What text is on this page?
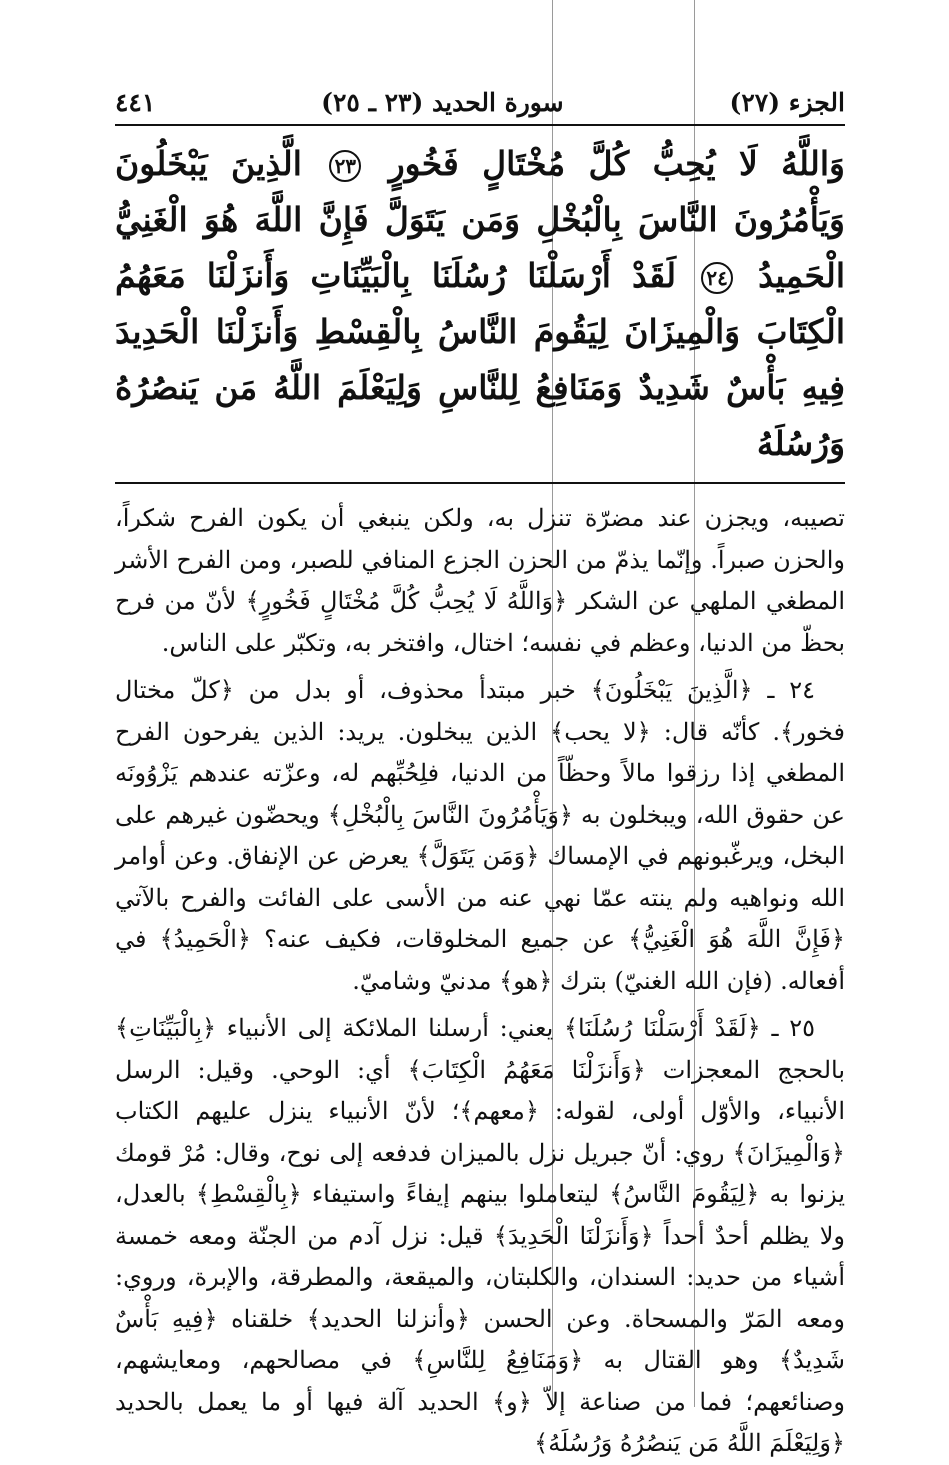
الجزء (٢٧)
سورة الحديد (٢٣ ـ ٢٥)
٤٤١
وَاللَّهُ لَا يُحِبُّ كُلَّ مُخْتَالٍ فَخُورٍ ٢٣ الَّذِينَ يَبْخَلُونَ وَيَأْمُرُونَ النَّاسَ بِالْبُخْلِ وَمَن يَتَوَلَّ فَإِنَّ اللَّهَ هُوَ الْغَنِيُّ الْحَمِيدُ ٢٤ لَقَدْ أَرْسَلْنَا رُسُلَنَا بِالْبَيِّنَاتِ وَأَنزَلْنَا مَعَهُمُ الْكِتَابَ وَالْمِيزَانَ لِيَقُومَ النَّاسُ بِالْقِسْطِ وَأَنزَلْنَا الْحَدِيدَ فِيهِ بَأْسٌ شَدِيدٌ وَمَنَافِعُ لِلنَّاسِ وَلِيَعْلَمَ اللَّهُ مَن يَنصُرُهُ وَرُسُلَهُ

تصيبه، ويجزن عند مضرّة تنزل به، ولكن ينبغي أن يكون الفرح شكراً، والحزن صبراً. وإنّما يذمّ من الحزن الجزع المنافي للصبر، ومن الفرح الأشر المطغي الملهي عن الشكر ﴿وَاللَّهُ لَا يُحِبُّ كُلَّ مُخْتَالٍ فَخُورٍ﴾ لأنّ من فرح بحظّ من الدنيا، وعظم في نفسه؛ اختال، وافتخر به، وتكبّر على الناس.

٢٤ ـ ﴿الَّذِينَ يَبْخَلُونَ﴾ خبر مبتدأ محذوف، أو بدل من ﴿كلّ مختال فخور﴾. كأنّه قال: ﴿لا يحب﴾ الذين يبخلون. يريد: الذين يفرحون الفرح المطغي إذا رزقوا مالاً وحظّاً من الدنيا، فلِحُبِّهم له، وعزّته عندهم يَزْوُونَه عن حقوق الله، ويبخلون به ﴿وَيَأْمُرُونَ النَّاسَ بِالْبُخْلِ﴾ ويحضّون غيرهم على البخل، ويرغّبونهم في الإمساك ﴿وَمَن يَتَوَلَّ﴾ يعرض عن الإنفاق. وعن أوامر الله ونواهيه ولم ينته عمّا نهي عنه من الأسى على الفائت والفرح بالآتي ﴿فَإِنَّ اللَّهَ هُوَ الْغَنِيُّ﴾ عن جميع المخلوقات، فكيف عنه؟ ﴿الْحَمِيدُ﴾ في أفعاله. (فإن الله الغنيّ) بترك ﴿هو﴾ مدنيّ وشاميّ.

٢٥ ـ ﴿لَقَدْ أَرْسَلْنَا رُسُلَنَا﴾ يعني: أرسلنا الملائكة إلى الأنبياء ﴿بِالْبَيِّنَاتِ﴾ بالحجج المعجزات ﴿وَأَنزَلْنَا مَعَهُمُ الْكِتَابَ﴾ أي: الوحي. وقيل: الرسل الأنبياء، والأوّل أولى، لقوله: ﴿معهم﴾؛ لأنّ الأنبياء ينزل عليهم الكتاب ﴿وَالْمِيزَانَ﴾ روي: أنّ جبريل نزل بالميزان فدفعه إلى نوح، وقال: مُرْ قومك يزنوا به ﴿لِيَقُومَ النَّاسُ﴾ ليتعاملوا بينهم إيفاءً واستيفاء ﴿بِالْقِسْطِ﴾ بالعدل، ولا يظلم أحدٌ أحداً ﴿وَأَنزَلْنَا الْحَدِيدَ﴾ قيل: نزل آدم من الجنّة ومعه خمسة أشياء من حديد: السندان، والكلبتان، والميقعة، والمطرقة، والإبرة، وروي: ومعه المَرّ والمسحاة. وعن الحسن ﴿وأنزلنا الحديد﴾ خلقناه ﴿فِيهِ بَأْسٌ شَدِيدٌ﴾ وهو القتال به ﴿وَمَنَافِعُ لِلنَّاسِ﴾ في مصالحهم، ومعايشهم، وصنائعهم؛ فما من صناعة إلاّ ﴿و﴾ الحديد آلة فيها أو ما يعمل بالحديد ﴿وَلِيَعْلَمَ اللَّهُ مَن يَنصُرُهُ وَرُسُلَهُ﴾
